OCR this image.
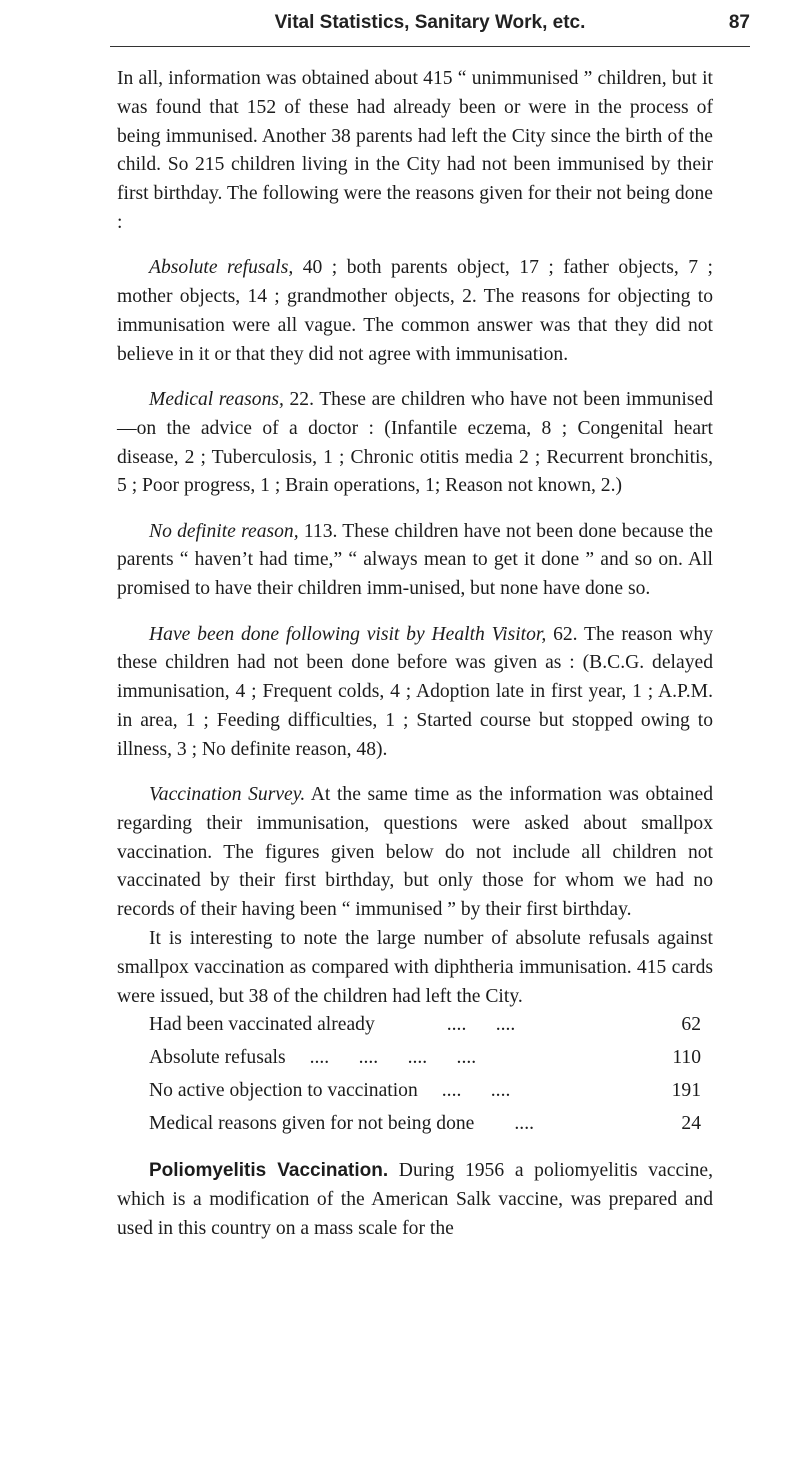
Vital Statistics, Sanitary Work, etc.	87

In all, information was obtained about 415 “ unimmunised ” children, but it was found that 152 of these had already been or were in the process of being immunised. Another 38 parents had left the City since the birth of the child. So 215 children living in the City had not been immunised by their first birthday. The following were the reasons given for their not being done :

Absolute refusals, 40 ; both parents object, 17 ; father objects, 7 ; mother objects, 14 ; grandmother objects, 2. The reasons for objecting to immunisation were all vague. The common answer was that they did not believe in it or that they did not agree with immunisation.

Medical reasons, 22. These are children who have not been immunised—on the advice of a doctor : (Infantile eczema, 8 ; Congenital heart disease, 2 ; Tuberculosis, 1 ; Chronic otitis media 2 ; Recurrent bronchitis, 5 ; Poor progress, 1 ; Brain operations, 1; Reason not known, 2.)

No definite reason, 113. These children have not been done because the parents “ haven’t had time,” “ always mean to get it done ” and so on. All promised to have their children imm-unised, but none have done so.

Have been done following visit by Health Visitor, 62. The reason why these children had not been done before was given as : (B.C.G. delayed immunisation, 4 ; Frequent colds, 4 ; Adoption late in first year, 1 ; A.P.M. in area, 1 ; Feeding difficulties, 1 ; Started course but stopped owing to illness, 3 ; No definite reason, 48).

Vaccination Survey. At the same time as the information was obtained regarding their immunisation, questions were asked about smallpox vaccination. The figures given below do not include all children not vaccinated by their first birthday, but only those for whom we had no records of their having been “ immunised ” by their first birthday.

It is interesting to note the large number of absolute refusals against smallpox vaccination as compared with diphtheria immunisation. 415 cards were issued, but 38 of the children had left the City.

Had been vaccinated already	....      ....	62
Absolute refusals ....      ....      ....      ....	110
No active objection to vaccination ....      ....	191
Medical reasons given for not being done ....	24

Poliomyelitis Vaccination. During 1956 a poliomyelitis vaccine, which is a modification of the American Salk vaccine, was prepared and used in this country on a mass scale for the
